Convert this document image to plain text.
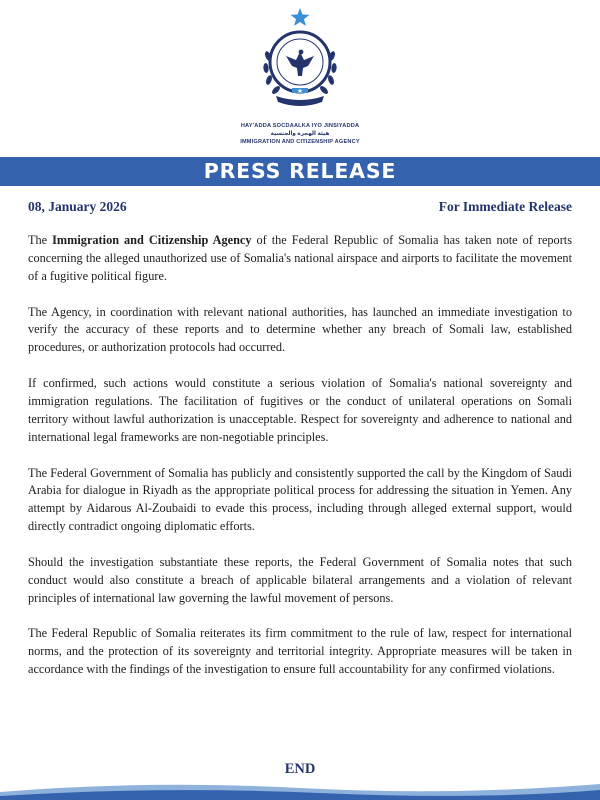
HAY'ADDA SOCDAALKA IYO JINSIYADDA
هيئة الهجرة والجنسية
IMMIGRATION AND CITIZENSHIP AGENCY
PRESS RELEASE
08, January 2026	For Immediate Release

The Immigration and Citizenship Agency of the Federal Republic of Somalia has taken note of reports concerning the alleged unauthorized use of Somalia's national airspace and airports to facilitate the movement of a fugitive political figure.

The Agency, in coordination with relevant national authorities, has launched an immediate investigation to verify the accuracy of these reports and to determine whether any breach of Somali law, established procedures, or authorization protocols had occurred.

If confirmed, such actions would constitute a serious violation of Somalia's national sovereignty and immigration regulations. The facilitation of fugitives or the conduct of unilateral operations on Somali territory without lawful authorization is unacceptable. Respect for sovereignty and adherence to national and international legal frameworks are non-negotiable principles.

The Federal Government of Somalia has publicly and consistently supported the call by the Kingdom of Saudi Arabia for dialogue in Riyadh as the appropriate political process for addressing the situation in Yemen. Any attempt by Aidarous Al-Zoubaidi to evade this process, including through alleged external support, would directly contradict ongoing diplomatic efforts.

Should the investigation substantiate these reports, the Federal Government of Somalia notes that such conduct would also constitute a breach of applicable bilateral arrangements and a violation of relevant principles of international law governing the lawful movement of persons.

The Federal Republic of Somalia reiterates its firm commitment to the rule of law, respect for international norms, and the protection of its sovereignty and territorial integrity. Appropriate measures will be taken in accordance with the findings of the investigation to ensure full accountability for any confirmed violations.

END
